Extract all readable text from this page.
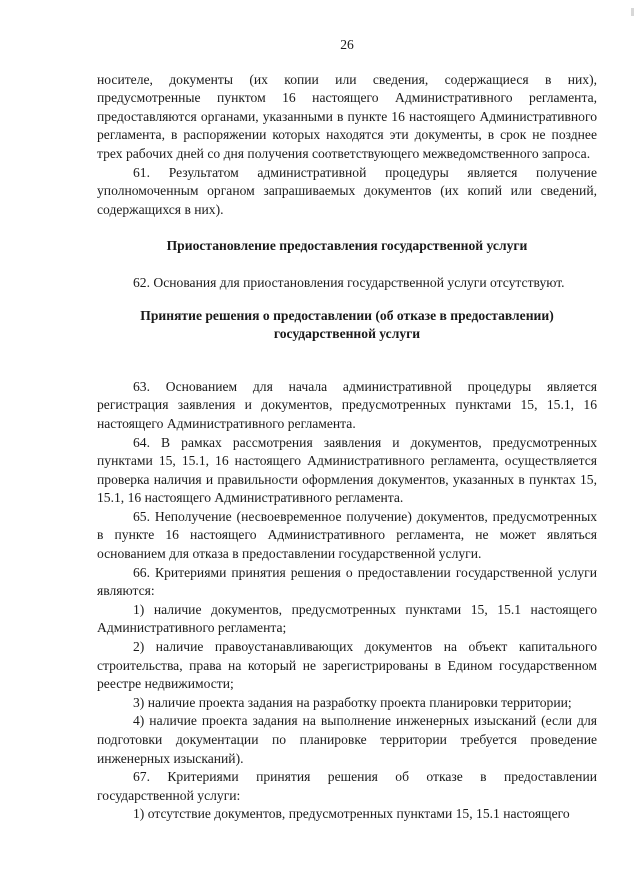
26

носителе, документы (их копии или сведения, содержащиеся в них), предусмотренные пунктом 16 настоящего Административного регламента, предоставляются органами, указанными в пункте 16 настоящего Административного регламента, в распоряжении которых находятся эти документы, в срок не позднее трех рабочих дней со дня получения соответствующего межведомственного запроса.

61. Результатом административной процедуры является получение уполномоченным органом запрашиваемых документов (их копий или сведений, содержащихся в них).

Приостановление предоставления государственной услуги

62. Основания для приостановления государственной услуги отсутствуют.

Принятие решения о предоставлении (об отказе в предоставлении) государственной услуги

63. Основанием для начала административной процедуры является регистрация заявления и документов, предусмотренных пунктами 15, 15.1, 16 настоящего Административного регламента.

64. В рамках рассмотрения заявления и документов, предусмотренных пунктами 15, 15.1, 16 настоящего Административного регламента, осуществляется проверка наличия и правильности оформления документов, указанных в пунктах 15, 15.1, 16 настоящего Административного регламента.

65. Неполучение (несвоевременное получение) документов, предусмотренных в пункте 16 настоящего Административного регламента, не может являться основанием для отказа в предоставлении государственной услуги.

66. Критериями принятия решения о предоставлении государственной услуги являются:

1) наличие документов, предусмотренных пунктами 15, 15.1 настоящего Административного регламента;

2) наличие правоустанавливающих документов на объект капитального строительства, права на который не зарегистрированы в Едином государственном реестре недвижимости;

3) наличие проекта задания на разработку проекта планировки территории;

4) наличие проекта задания на выполнение инженерных изысканий (если для подготовки документации по планировке территории требуется проведение инженерных изысканий).

67. Критериями принятия решения об отказе в предоставлении государственной услуги:

1) отсутствие документов, предусмотренных пунктами 15, 15.1 настоящего
